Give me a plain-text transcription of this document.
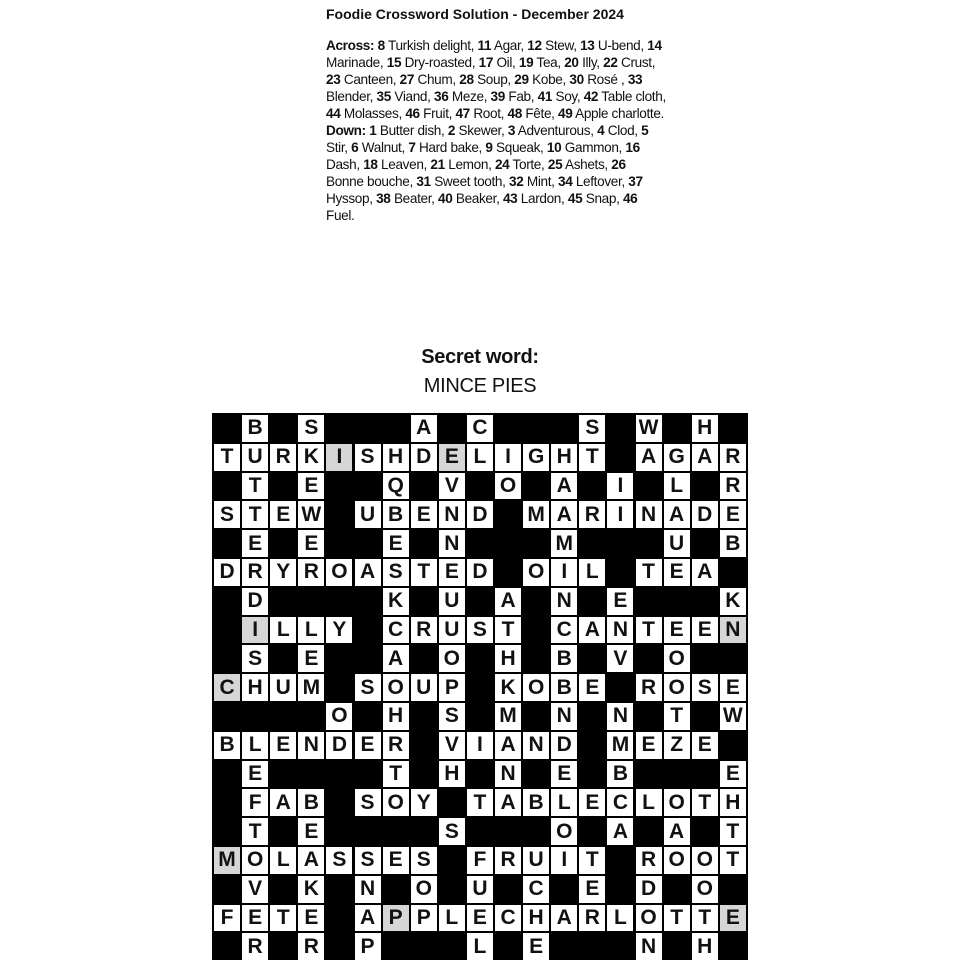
Foodie Crossword Solution - December 2024
Across: 8 Turkish delight, 11 Agar, 12 Stew, 13 U-bend, 14 Marinade, 15 Dry-roasted, 17 Oil, 19 Tea, 20 Illy, 22 Crust, 23 Canteen, 27 Chum, 28 Soup, 29 Kobe, 30 Rosé , 33 Blender, 35 Viand, 36 Meze, 39 Fab, 41 Soy, 42 Table cloth, 44 Molasses, 46 Fruit, 47 Root, 48 Fête, 49 Apple charlotte. Down: 1 Butter dish, 2 Skewer, 3 Adventurous, 4 Clod, 5 Stir, 6 Walnut, 7 Hard bake, 9 Squeak, 10 Gammon, 16 Dash, 18 Leaven, 21 Lemon, 24 Torte, 25 Ashets, 26 Bonne bouche, 31 Sweet tooth, 32 Mint, 34 Leftover, 37 Hyssop, 38 Beater, 40 Beaker, 43 Lardon, 45 Snap, 46 Fuel.
Secret word:
MINCE PIES
B S	A C	S W H
T U R K I S H D E L I G H T	A G A R
T	E	Q V O A	I	L	R
S T E W U B E N D M A R I N A D E
E E	E N	M	U B
D R Y R O A S T E D O I L	T E A
D	K U A N E	K
I L L Y C R U S T	C A N T E E N
S E	A O H B V O
C H U M S O U P K O B E R O S E
O H S M N N	T	W
B L E N D E R V I A N D M E Z E
E	T	H N E B	E
F A B S O Y	T A B L E C L O T H
T	E	S	O A A	T
M O L A S S E S	F R U I T	R O O T
V K N O U C E D O
F E T E A P P L E C H A R L O T T E
R R P	L	E	N H
